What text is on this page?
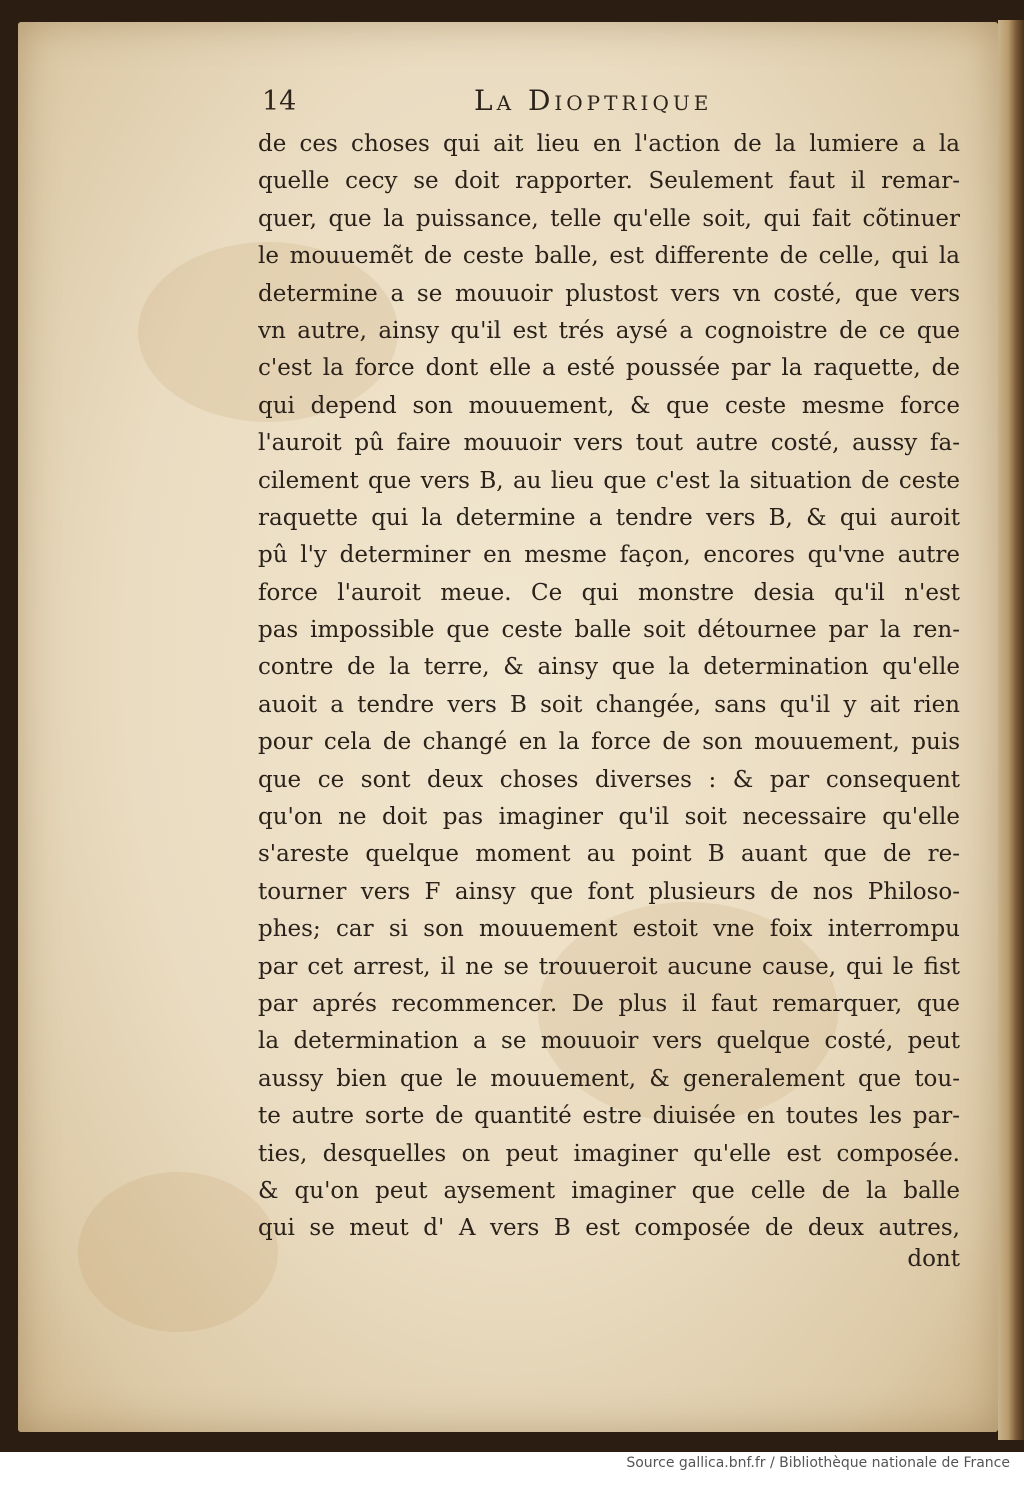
14	La Dioptrique
de ces choses qui ait lieu en l'action de la lumiere a la
quelle cecy se doit rapporter. Seulement faut il remar-
quer, que la puissance, telle qu'elle soit, qui fait cõtinuer
le mouuemẽt de ceste balle, est differente de celle, qui la
determine a se mouuoir plustost vers vn costé, que vers
vn autre, ainsy qu'il est trés aysé a cognoistre de ce que
c'est la force dont elle a esté poussée par la raquette, de
qui depend son mouuement, & que ceste mesme force
l'auroit pû faire mouuoir vers tout autre costé, aussy fa-
cilement que vers B, au lieu que c'est la situation de ceste
raquette qui la determine a tendre vers B, & qui auroit
pû l'y determiner en mesme façon, encores qu'vne autre
force l'auroit meue. Ce qui monstre desia qu'il n'est
pas impossible que ceste balle soit détournee par la ren-
contre de la terre, & ainsy que la determination qu'elle
auoit a tendre vers B soit changée, sans qu'il y ait rien
pour cela de changé en la force de son mouuement, puis
que ce sont deux choses diverses : & par consequent
qu'on ne doit pas imaginer qu'il soit necessaire qu'elle
s'areste quelque moment au point B auant que de re-
tourner vers F ainsy que font plusieurs de nos Philoso-
phes; car si son mouuement estoit vne foix interrompu
par cet arrest, il ne se trouueroit aucune cause, qui le fist
par aprés recommencer. De plus il faut remarquer, que
la determination a se mouuoir vers quelque costé, peut
aussy bien que le mouuement, & generalement que tou-
te autre sorte de quantité estre diuisée en toutes les par-
ties, desquelles on peut imaginer qu'elle est composée.
& qu'on peut aysement imaginer que celle de la balle
qui se meut d' A vers B est composée de deux autres,
dont
Source gallica.bnf.fr / Bibliothèque nationale de France
